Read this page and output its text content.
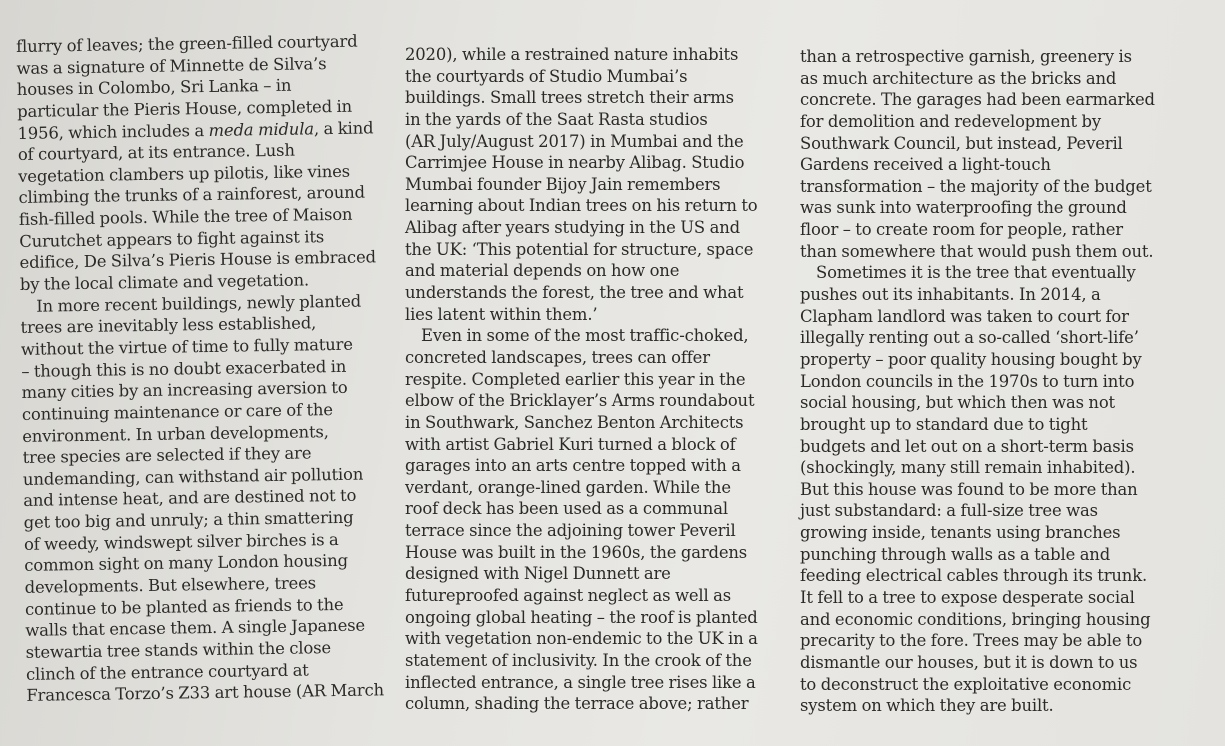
flurry of leaves; the green-filled courtyard
was a signature of Minnette de Silva’s
houses in Colombo, Sri Lanka – in
particular the Pieris House, completed in
1956, which includes a meda midula, a kind
of courtyard, at its entrance. Lush
vegetation clambers up pilotis, like vines
climbing the trunks of a rainforest, around
fish-filled pools. While the tree of Maison
Curutchet appears to fight against its
edifice, De Silva’s Pieris House is embraced
by the local climate and vegetation.
In more recent buildings, newly planted
trees are inevitably less established,
without the virtue of time to fully mature
– though this is no doubt exacerbated in
many cities by an increasing aversion to
continuing maintenance or care of the
environment. In urban developments,
tree species are selected if they are
undemanding, can withstand air pollution
and intense heat, and are destined not to
get too big and unruly; a thin smattering
of weedy, windswept silver birches is a
common sight on many London housing
developments. But elsewhere, trees
continue to be planted as friends to the
walls that encase them. A single Japanese
stewartia tree stands within the close
clinch of the entrance courtyard at
Francesca Torzo’s Z33 art house (AR March
2020), while a restrained nature inhabits
the courtyards of Studio Mumbai’s
buildings. Small trees stretch their arms
in the yards of the Saat Rasta studios
(AR July/August 2017) in Mumbai and the
Carrimjee House in nearby Alibag. Studio
Mumbai founder Bijoy Jain remembers
learning about Indian trees on his return to
Alibag after years studying in the US and
the UK: ‘This potential for structure, space
and material depends on how one
understands the forest, the tree and what
lies latent within them.’
Even in some of the most traffic-choked,
concreted landscapes, trees can offer
respite. Completed earlier this year in the
elbow of the Bricklayer’s Arms roundabout
in Southwark, Sanchez Benton Architects
with artist Gabriel Kuri turned a block of
garages into an arts centre topped with a
verdant, orange-lined garden. While the
roof deck has been used as a communal
terrace since the adjoining tower Peveril
House was built in the 1960s, the gardens
designed with Nigel Dunnett are
futureproofed against neglect as well as
ongoing global heating – the roof is planted
with vegetation non-endemic to the UK in a
statement of inclusivity. In the crook of the
inflected entrance, a single tree rises like a
column, shading the terrace above; rather
than a retrospective garnish, greenery is
as much architecture as the bricks and
concrete. The garages had been earmarked
for demolition and redevelopment by
Southwark Council, but instead, Peveril
Gardens received a light-touch
transformation – the majority of the budget
was sunk into waterproofing the ground
floor – to create room for people, rather
than somewhere that would push them out.
Sometimes it is the tree that eventually
pushes out its inhabitants. In 2014, a
Clapham landlord was taken to court for
illegally renting out a so-called ‘short-life’
property – poor quality housing bought by
London councils in the 1970s to turn into
social housing, but which then was not
brought up to standard due to tight
budgets and let out on a short-term basis
(shockingly, many still remain inhabited).
But this house was found to be more than
just substandard: a full-size tree was
growing inside, tenants using branches
punching through walls as a table and
feeding electrical cables through its trunk.
It fell to a tree to expose desperate social
and economic conditions, bringing housing
precarity to the fore. Trees may be able to
dismantle our houses, but it is down to us
to deconstruct the exploitative economic
system on which they are built.
